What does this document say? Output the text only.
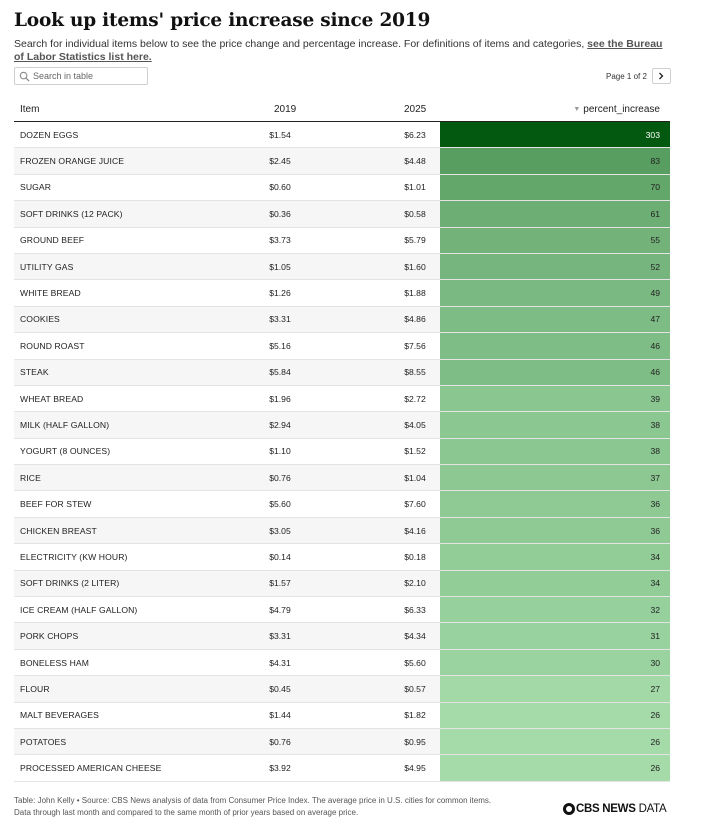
Look up items' price increase since 2019
Search for individual items below to see the price change and percentage increase. For definitions of items and categories, see the Bureau of Labor Statistics list here.
Search in table
Page 1 of 2
Item	2019	2025	▼ percent_increase
DOZEN EGGS	$1.54	$6.23	303
FROZEN ORANGE JUICE	$2.45	$4.48	83
SUGAR	$0.60	$1.01	70
SOFT DRINKS (12 PACK)	$0.36	$0.58	61
GROUND BEEF	$3.73	$5.79	55
UTILITY GAS	$1.05	$1.60	52
WHITE BREAD	$1.26	$1.88	49
COOKIES	$3.31	$4.86	47
ROUND ROAST	$5.16	$7.56	46
STEAK	$5.84	$8.55	46
WHEAT BREAD	$1.96	$2.72	39
MILK (HALF GALLON)	$2.94	$4.05	38
YOGURT (8 OUNCES)	$1.10	$1.52	38
RICE	$0.76	$1.04	37
BEEF FOR STEW	$5.60	$7.60	36
CHICKEN BREAST	$3.05	$4.16	36
ELECTRICITY (KW HOUR)	$0.14	$0.18	34
SOFT DRINKS (2 LITER)	$1.57	$2.10	34
ICE CREAM (HALF GALLON)	$4.79	$6.33	32
PORK CHOPS	$3.31	$4.34	31
BONELESS HAM	$4.31	$5.60	30
FLOUR	$0.45	$0.57	27
MALT BEVERAGES	$1.44	$1.82	26
POTATOES	$0.76	$0.95	26
PROCESSED AMERICAN CHEESE	$3.92	$4.95	26
Table: John Kelly • Source: CBS News analysis of data from Consumer Price Index. The average price in U.S. cities for common items.
Data through last month and compared to the same month of prior years based on average price.	CBS NEWS DATA
